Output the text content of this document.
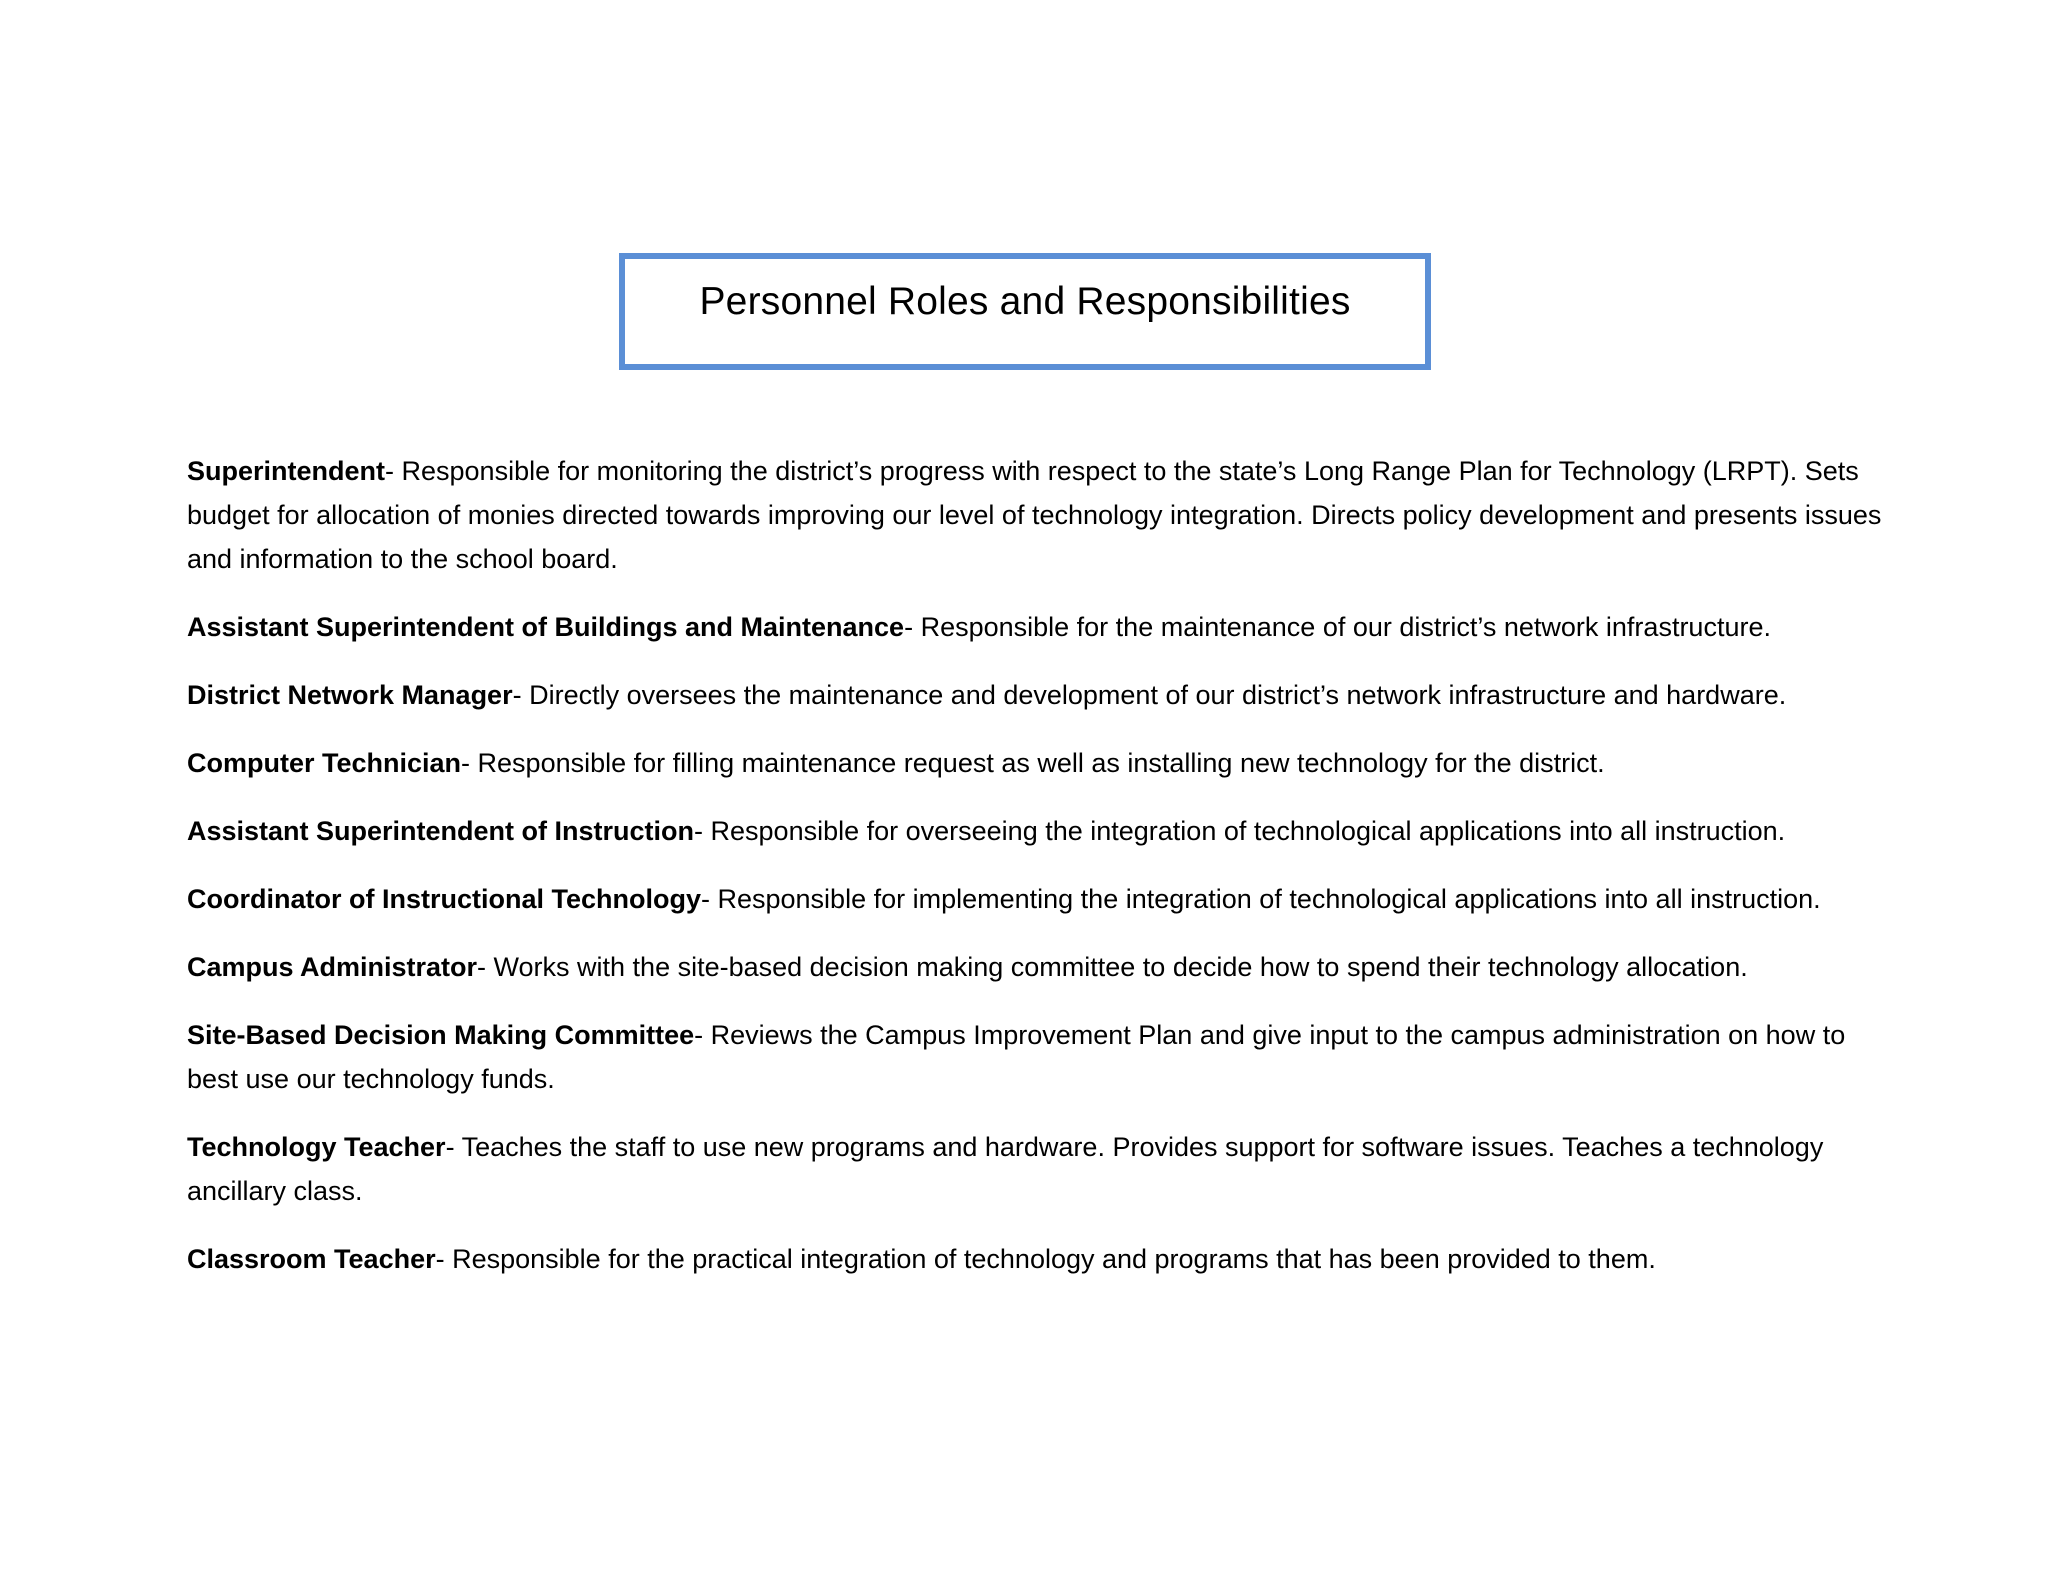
Personnel Roles and Responsibilities

Superintendent- Responsible for monitoring the district’s progress with respect to the state’s Long Range Plan for Technology (LRPT). Sets budget for allocation of monies directed towards improving our level of technology integration. Directs policy development and presents issues and information to the school board.

Assistant Superintendent of Buildings and Maintenance- Responsible for the maintenance of our district’s network infrastructure.

District Network Manager- Directly oversees the maintenance and development of our district’s network infrastructure and hardware.

Computer Technician- Responsible for filling maintenance request as well as installing new technology for the district.

Assistant Superintendent of Instruction- Responsible for overseeing the integration of technological applications into all instruction.

Coordinator of Instructional Technology- Responsible for implementing the integration of technological applications into all instruction.

Campus Administrator- Works with the site-based decision making committee to decide how to spend their technology allocation.

Site-Based Decision Making Committee- Reviews the Campus Improvement Plan and give input to the campus administration on how to best use our technology funds.

Technology Teacher- Teaches the staff to use new programs and hardware. Provides support for software issues. Teaches a technology ancillary class.

Classroom Teacher- Responsible for the practical integration of technology and programs that has been provided to them.
